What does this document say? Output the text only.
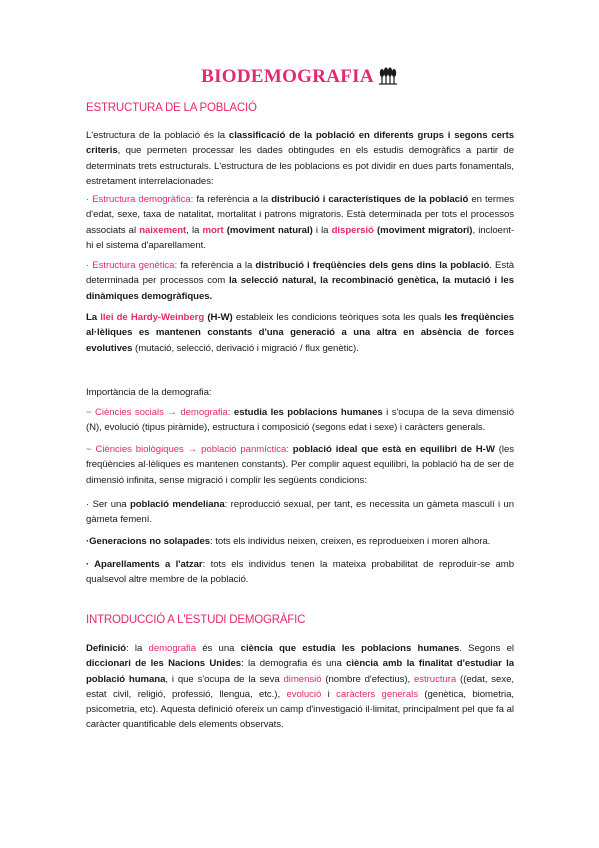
BIODEMOGRAFIA
ESTRUCTURA DE LA POBLACIÓ
L'estructura de la població és la classificació de la població en diferents grups i segons certs criteris, que permeten processar les dades obtingudes en els estudis demogràfics a partir de determinats trets estructurals. L'estructura de les poblacions es pot dividir en dues parts fonamentals, estretament interrelacionades:
· Estructura demogràfica: fa referència a la distribució i característiques de la població en termes d'edat, sexe, taxa de natalitat, mortalitat i patrons migratoris. Està determinada per tots el processos associats al naixement, la mort (moviment natural) i la dispersió (moviment migratori), incloent-hi el sistema d'aparellament.
· Estructura genètica: fa referència a la distribució i freqüències dels gens dins la població. Està determinada per processos com la selecció natural, la recombinació genètica, la mutació i les dinàmiques demogràfiques.
La llei de Hardy-Weinberg (H-W) estableix les condicions teòriques sota les quals les freqüències al·lèliques es mantenen constants d'una generació a una altra en absència de forces evolutives (mutació, selecció, derivació i migració / flux genètic).
Importància de la demografia:
~ Ciències socials → demografia: estudia les poblacions humanes i s'ocupa de la seva dimensió (N), evolució (tipus piràmide), estructura i composició (segons edat i sexe) i caràcters generals.
~ Ciències biològiques → població panmíctica: població ideal que està en equilibri de H-W (les freqüències al·lèliques es mantenen constants). Per complir aquest equilibri, la població ha de ser de dimensió infinita, sense migració i complir les següents condicions:
· Ser una població mendeliana: reproducció sexual, per tant, es necessita un gàmeta masculí i un gàmeta femení.
·Generacions no solapades: tots els individus neixen, creixen, es reprodueixen i moren alhora.
· Aparellaments a l'atzar: tots els individus tenen la mateixa probabilitat de reproduir-se amb qualsevol altre membre de la població.
INTRODUCCIÓ A L'ESTUDI DEMOGRÀFIC
Definició: la demografia és una ciència que estudia les poblacions humanes. Segons el diccionari de les Nacions Unides: la demografia és una ciència amb la finalitat d'estudiar la població humana, i que s'ocupa de la seva dimensió (nombre d'efectius), estructura ((edat, sexe, estat civil, religió, professió, llengua, etc.), evolució i caràcters generals (genètica, biometria, psicometria, etc). Aquesta definició ofereix un camp d'investigació il·limitat, principalment pel que fa al caràcter quantificable dels elements observats.
